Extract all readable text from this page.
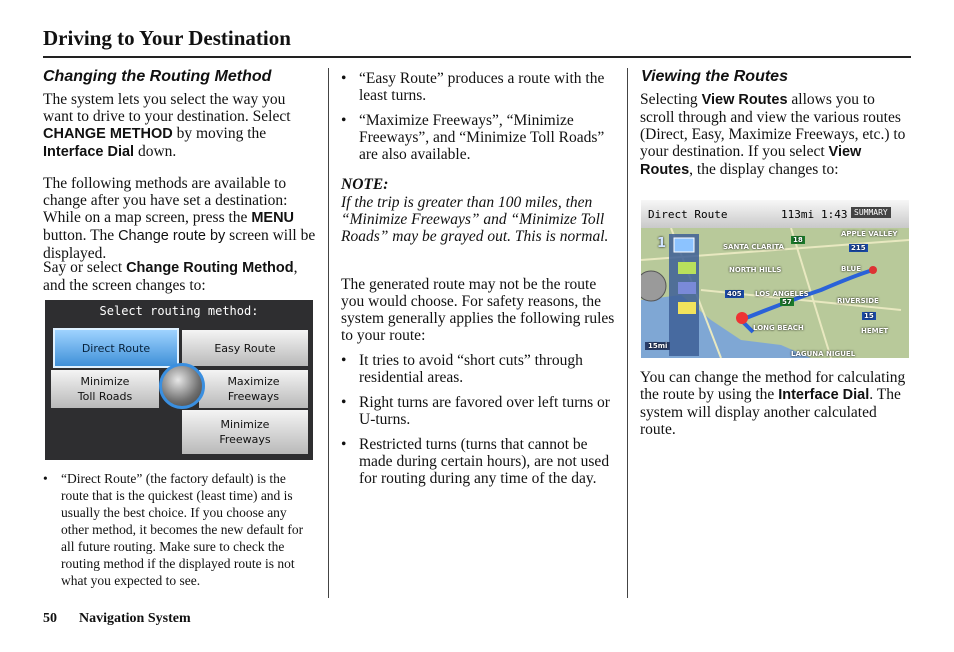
Driving to Your Destination
Changing the Routing Method
The system lets you select the way you want to drive to your destination. Select CHANGE METHOD by moving the Interface Dial down.
The following methods are available to change after you have set a destination: While on a map screen, press the MENU button. The Change route by screen will be displayed.
Say or select Change Routing Method, and the screen changes to:
Select routing method:
Direct Route	Easy Route
Minimize
Toll Roads
Maximize
Freeways
Minimize
Freeways
• “Direct Route” (the factory default) is the route that is the quickest (least time) and is usually the best choice. If you choose any other method, it becomes the new default for all future routing. Make sure to check the routing method if the displayed route is not what you expected to see.
• “Easy Route” produces a route with the least turns.
• “Maximize Freeways”, “Minimize Freeways”, and “Minimize Toll Roads” are also available.
NOTE:
If the trip is greater than 100 miles, then “Minimize Freeways” and “Minimize Toll Roads” may be grayed out. This is normal.
The generated route may not be the route you would choose. For safety reasons, the system generally applies the following rules to your route:
• It tries to avoid “short cuts” through residential areas.
• Right turns are favored over left turns or U-turns.
• Restricted turns (turns that cannot be made during certain hours), are not used for routing during any time of the day.
Viewing the Routes
Selecting View Routes allows you to scroll through and view the various routes (Direct, Easy, Maximize Freeways, etc.) to your destination. If you select View Routes, the display changes to:
Direct Route	113mi 1:43 SUMMARY
1	SANTA CLARITA
APPLE VALLEY
NORTH HILLS	BLUE
LOS ANGELES
RIVERSIDE
LONG BEACH	HEMET
LAGUNA NIGUEL
18
215
405
57
15
15mi
You can change the method for calculating the route by using the Interface Dial. The system will display another calculated route.
50 Navigation System
